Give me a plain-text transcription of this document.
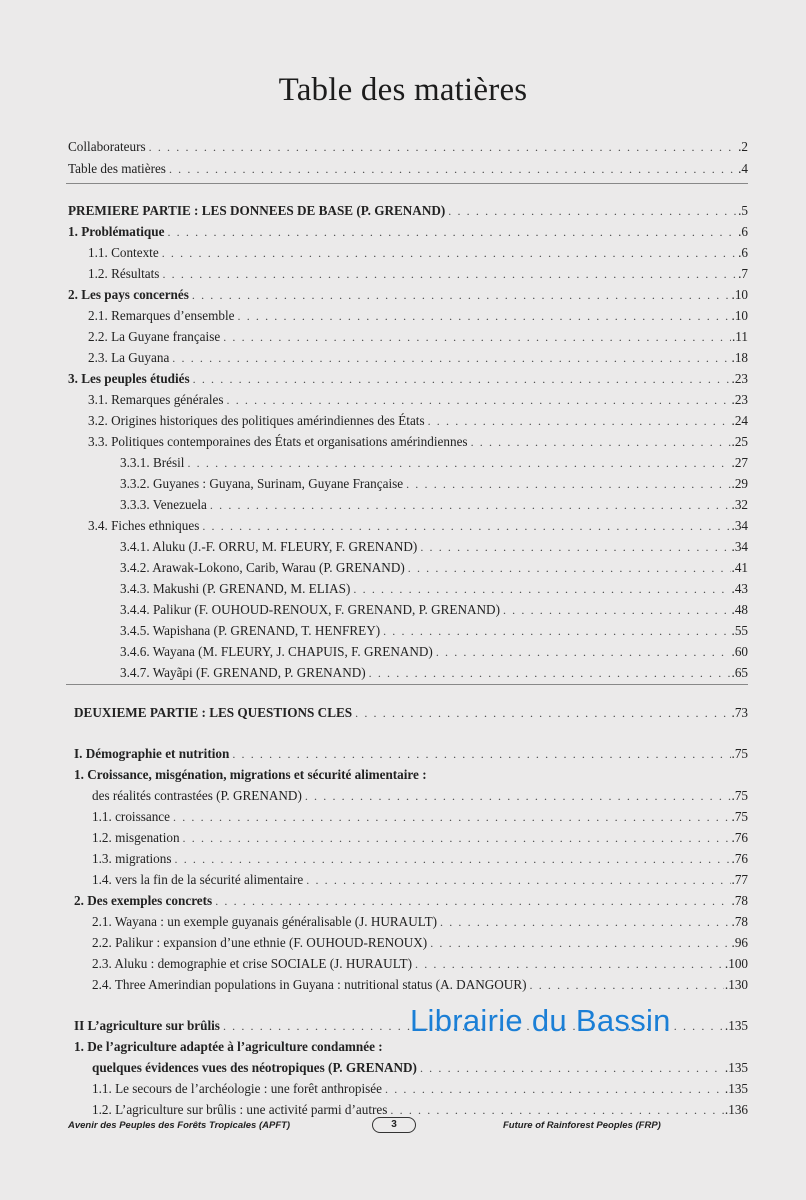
Table des matières
Collaborateurs . . .	.2
Table des matières . . .	.4
PREMIERE PARTIE : LES DONNEES DE BASE (P. GRENAND) . . .	.5
1. Problématique . . .	.6
1.1. Contexte . . .	.6
1.2. Résultats . . .	.7
2. Les pays concernés . . .	.10
2.1. Remarques d’ensemble . . .	.10
2.2. La Guyane française . . .	.11
2.3. La Guyana . . .	.18
3. Les peuples étudiés . . .	.23
3.1. Remarques générales . . .	.23
3.2. Origines historiques des politiques amérindiennes des États . . .	.24
3.3. Politiques contemporaines des États et organisations amérindiennes . . .	.25
3.3.1. Brésil . . .	.27
3.3.2. Guyanes : Guyana, Surinam, Guyane Française . . .	.29
3.3.3. Venezuela . . .	.32
3.4. Fiches ethniques . . .	.34
3.4.1. Aluku (J.-F. ORRU, M. FLEURY, F. GRENAND) . . .	.34
3.4.2. Arawak-Lokono, Carib, Warau (P. GRENAND) . . .	.41
3.4.3. Makushi (P. GRENAND, M. ELIAS) . . .	.43
3.4.4. Palikur (F. OUHOUD-RENOUX, F. GRENAND, P. GRENAND) . . .	.48
3.4.5. Wapishana (P. GRENAND, T. HENFREY) . . .	.55
3.4.6. Wayana (M. FLEURY, J. CHAPUIS, F. GRENAND) . . .	.60
3.4.7. Wayãpi (F. GRENAND, P. GRENAND) . . .	.65
DEUXIEME PARTIE : LES QUESTIONS CLES . . .	.73
I. Démographie et nutrition . . .	.75
1. Croissance, misgénation, migrations et sécurité alimentaire :
des réalités contrastées (P. GRENAND) . . .	.75
1.1. croissance . . .	.75
1.2. misgenation . . .	.76
1.3. migrations . . .	.76
1.4. vers la fin de la sécurité alimentaire . . .	.77
2. Des exemples concrets . . .	.78
2.1. Wayana : un exemple guyanais généralisable (J. HURAULT) . . .	.78
2.2. Palikur : expansion d’une ethnie (F. OUHOUD-RENOUX) . . .	.96
2.3. Aluku : demographie et crise SOCIALE (J. HURAULT) . . .	.100
2.4. Three Amerindian populations in Guyana : nutritional status (A. DANGOUR) . . .	.130
II L’agriculture sur brûlis . . .	.135
1. De l’agriculture adaptée à l’agriculture condamnée :
quelques évidences vues des néotropiques (P. GRENAND) . . .	.135
1.1. Le secours de l’archéologie : une forêt anthropisée . . .	.135
1.2. L’agriculture sur brûlis : une activité parmi d’autres . . .	.136
Librairie du Bassin
Avenir des Peuples des Forêts Tropicales (APFT)	3	Future of Rainforest Peoples (FRP)
